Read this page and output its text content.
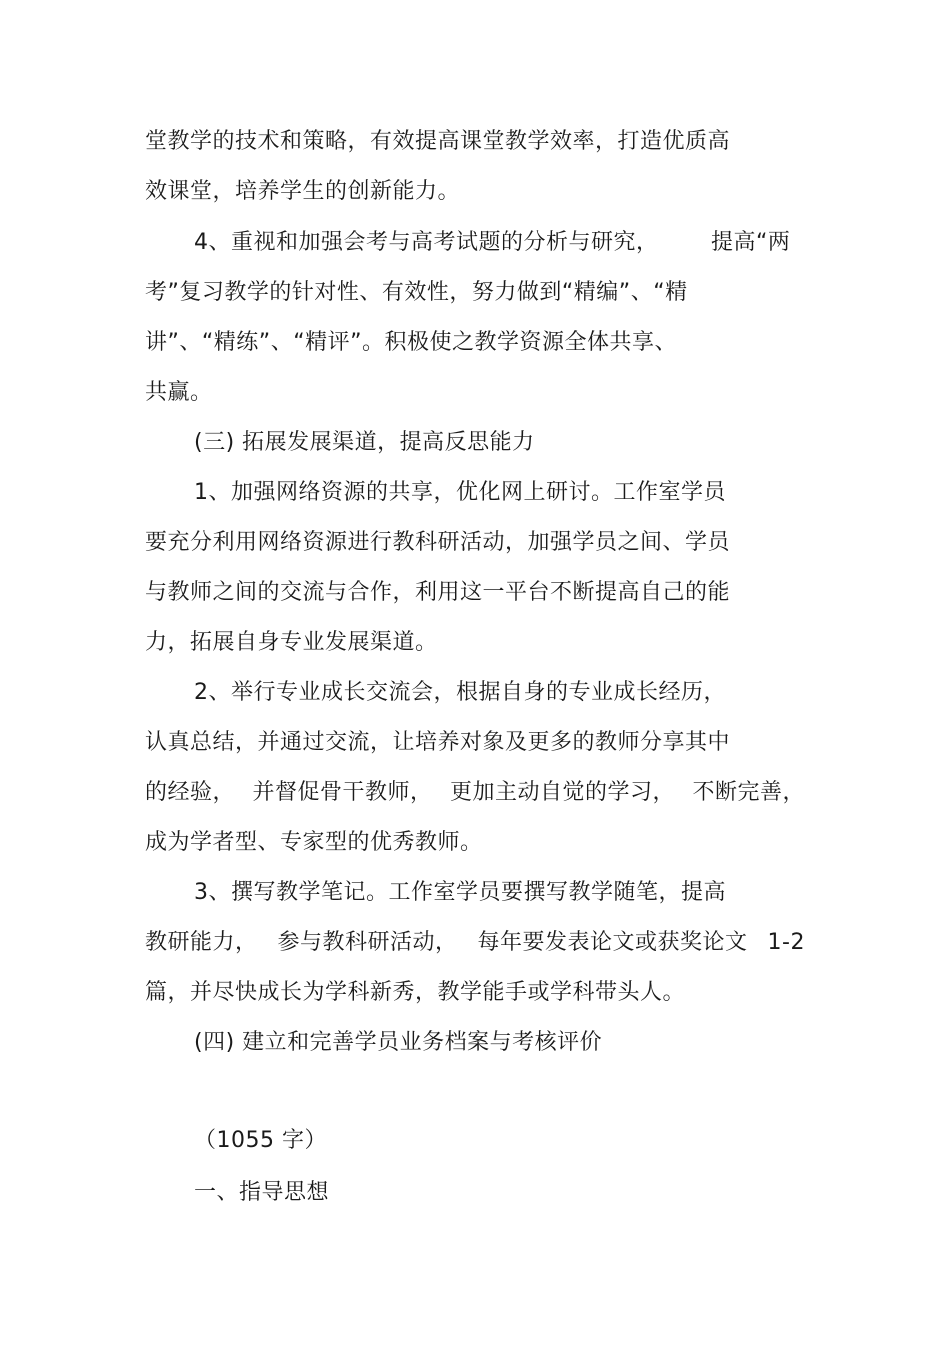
堂教学的技术和策略，有效提高课堂教学效率，打造优质高
效课堂，培养学生的创新能力。
4、重视和加强会考与高考试题的分析与研究， 提高“两
考”复习教学的针对性、有效性，努力做到“精编”、“精
讲”、“精练”、“精评”。积极使之教学资源全体共享、
共赢。
(三) 拓展发展渠道，提高反思能力
1、加强网络资源的共享，优化网上研讨。工作室学员
要充分利用网络资源进行教科研活动，加强学员之间、学员
与教师之间的交流与合作，利用这一平台不断提高自己的能
力，拓展自身专业发展渠道。
2、举行专业成长交流会，根据自身的专业成长经历，
认真总结，并通过交流，让培养对象及更多的教师分享其中
的经验， 并督促骨干教师， 更加主动自觉的学习， 不断完善，
成为学者型、专家型的优秀教师。
3、撰写教学笔记。工作室学员要撰写教学随笔，提高
教研能力， 参与教科研活动， 每年要发表论文或获奖论文 1-2
篇，并尽快成长为学科新秀，教学能手或学科带头人。
(四) 建立和完善学员业务档案与考核评价
（1055 字）
一、指导思想
